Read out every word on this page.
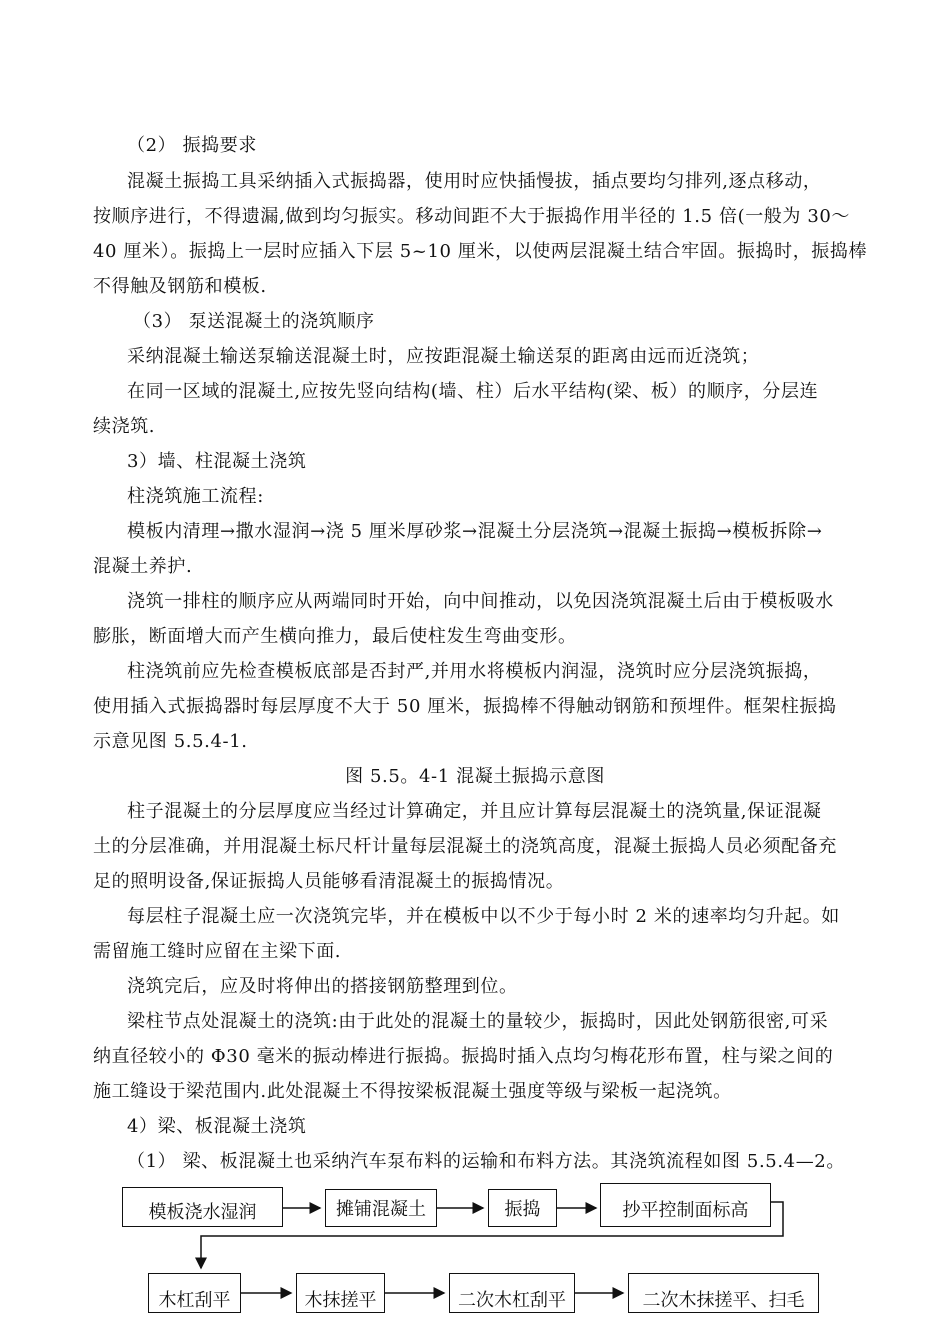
（2） 振捣要求
混凝土振捣工具采纳插入式振捣器，使用时应快插慢拔，插点要均匀排列,逐点移动，
按顺序进行，不得遗漏,做到均匀振实。移动间距不大于振捣作用半径的 1.5 倍(一般为 30～
40 厘米）。振捣上一层时应插入下层 5~10 厘米，以使两层混凝土结合牢固。振捣时，振捣棒
不得触及钢筋和模板.
（3） 泵送混凝土的浇筑顺序
采纳混凝土输送泵输送混凝土时，应按距混凝土输送泵的距离由远而近浇筑；
在同一区域的混凝土,应按先竖向结构(墙、柱）后水平结构(梁、板）的顺序，分层连
续浇筑.
3）墙、柱混凝土浇筑
柱浇筑施工流程:
模板内清理→撒水湿润→浇 5 厘米厚砂浆→混凝土分层浇筑→混凝土振捣→模板拆除→
混凝土养护.
浇筑一排柱的顺序应从两端同时开始，向中间推动，以免因浇筑混凝土后由于模板吸水
膨胀，断面增大而产生横向推力，最后使柱发生弯曲变形。
柱浇筑前应先检查模板底部是否封严,并用水将模板内润湿，浇筑时应分层浇筑振捣，
使用插入式振捣器时每层厚度不大于 50 厘米，振捣棒不得触动钢筋和预埋件。框架柱振捣
示意见图 5.5.4-1.
图 5.5。4-1 混凝土振捣示意图
柱子混凝土的分层厚度应当经过计算确定，并且应计算每层混凝土的浇筑量,保证混凝
土的分层准确，并用混凝土标尺杆计量每层混凝土的浇筑高度，混凝土振捣人员必须配备充
足的照明设备,保证振捣人员能够看清混凝土的振捣情况。
每层柱子混凝土应一次浇筑完毕，并在模板中以不少于每小时 2 米的速率均匀升起。如
需留施工缝时应留在主梁下面.
浇筑完后，应及时将伸出的搭接钢筋整理到位。
梁柱节点处混凝土的浇筑:由于此处的混凝土的量较少，振捣时，因此处钢筋很密,可采
纳直径较小的 Φ30 毫米的振动棒进行振捣。振捣时插入点均匀梅花形布置，柱与梁之间的
施工缝设于梁范围内.此处混凝土不得按梁板混凝土强度等级与梁板一起浇筑。
4）梁、板混凝土浇筑
（1） 梁、板混凝土也采纳汽车泵布料的运输和布料方法。其浇筑流程如图 5.5.4—2。
模板浇水湿润	摊铺混凝土	振捣	抄平控制面标高
木杠刮平	木抹搓平	二次木杠刮平	二次木抹搓平、扫毛
